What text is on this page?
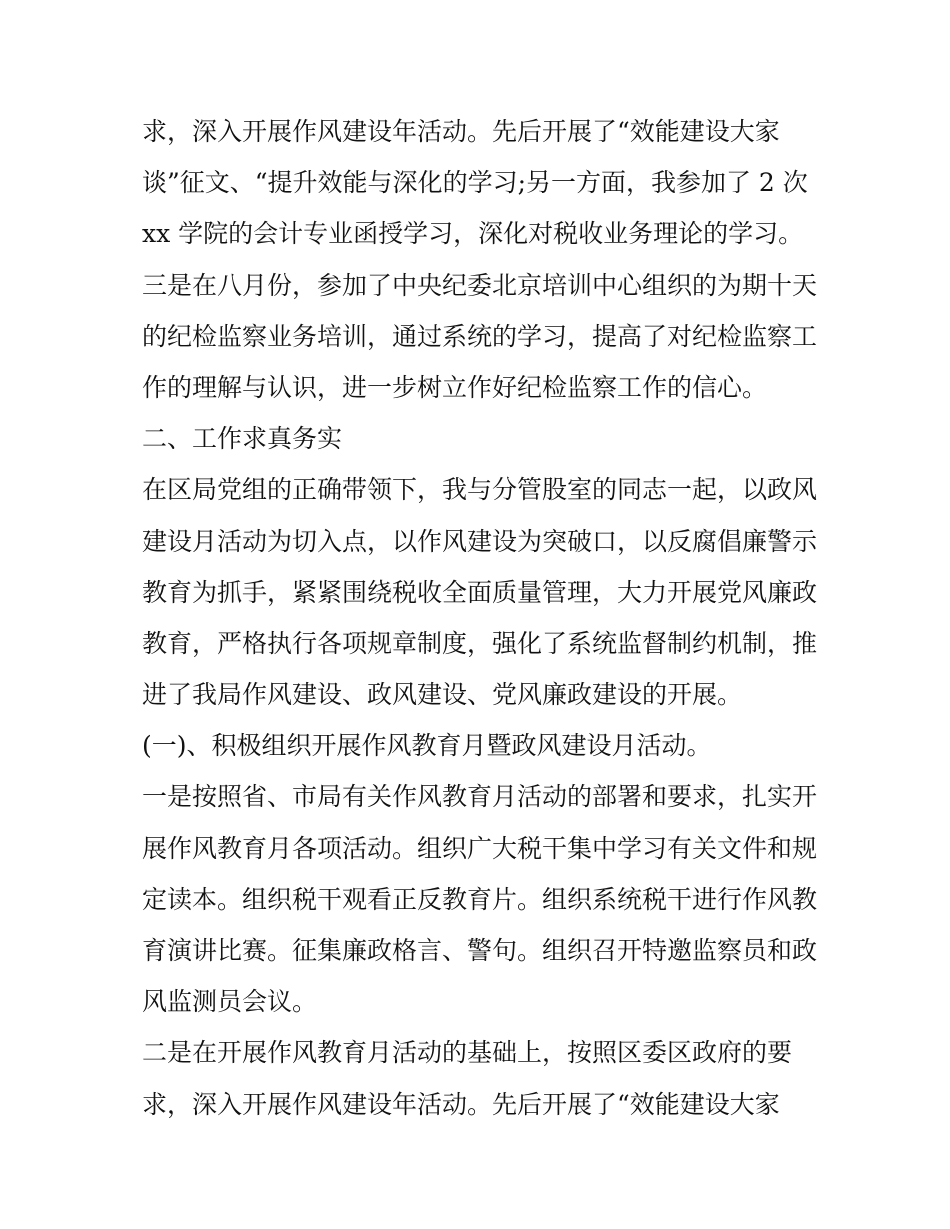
求，深入开展作风建设年活动。先后开展了“效能建设大家
谈”征文、“提升效能与深化的学习;另一方面，我参加了 2 次
xx 学院的会计专业函授学习，深化对税收业务理论的学习。
三是在八月份，参加了中央纪委北京培训中心组织的为期十天
的纪检监察业务培训，通过系统的学习，提高了对纪检监察工
作的理解与认识，进一步树立作好纪检监察工作的信心。
二、工作求真务实
在区局党组的正确带领下，我与分管股室的同志一起，以政风
建设月活动为切入点，以作风建设为突破口，以反腐倡廉警示
教育为抓手，紧紧围绕税收全面质量管理，大力开展党风廉政
教育，严格执行各项规章制度，强化了系统监督制约机制，推
进了我局作风建设、政风建设、党风廉政建设的开展。
(一)、积极组织开展作风教育月暨政风建设月活动。
一是按照省、市局有关作风教育月活动的部署和要求，扎实开
展作风教育月各项活动。组织广大税干集中学习有关文件和规
定读本。组织税干观看正反教育片。组织系统税干进行作风教
育演讲比赛。征集廉政格言、警句。组织召开特邀监察员和政
风监测员会议。
二是在开展作风教育月活动的基础上，按照区委区政府的要
求，深入开展作风建设年活动。先后开展了“效能建设大家
